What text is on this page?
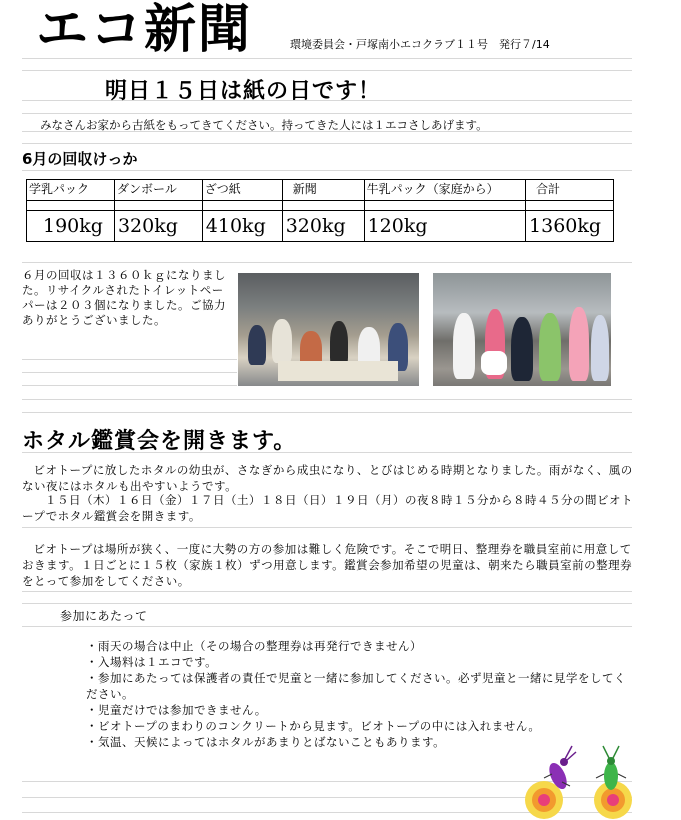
エコ新聞	環境委員会・戸塚南小エコクラブ１１号　発行７/14
明日１５日は紙の日です！
みなさんお家から古紙をもってきてください。持ってきた人には１エコさしあげます。
6月の回収けっか
学乳パック	ダンボール	ざつ紙	新聞	牛乳パック（家庭から）	合計

190kg	320kg	410kg	320kg	120kg	1360kg
６月の回収は１３６０ｋｇになりました。リサイクルされたトイレットペーパーは２０３個になりました。ご協力ありがとうございました。
ホタル鑑賞会を開きます。
ビオトープに放したホタルの幼虫が、さなぎから成虫になり、とびはじめる時期となりました。雨がなく、風のない夜にはホタルも出やすいようです。
１５日（木）１６日（金）１７日（土）１８日（日）１９日（月）の夜８時１５分から８時４５分の間ビオトープでホタル鑑賞会を開きます。
ビオトープは場所が狭く、一度に大勢の方の参加は難しく危険です。そこで明日、整理券を職員室前に用意しておきます。１日ごとに１５枚（家族１枚）ずつ用意します。鑑賞会参加希望の児童は、朝来たら職員室前の整理券をとって参加をしてください。
参加にあたって
・雨天の場合は中止（その場合の整理券は再発行できません）
・入場料は１エコです。
・参加にあたっては保護者の責任で児童と一緒に参加してください。必ず児童と一緒に見学をしてください。
・児童だけでは参加できません。
・ビオトープのまわりのコンクリートから見ます。ビオトープの中には入れません。
・気温、天候によってはホタルがあまりとばないこともあります。
